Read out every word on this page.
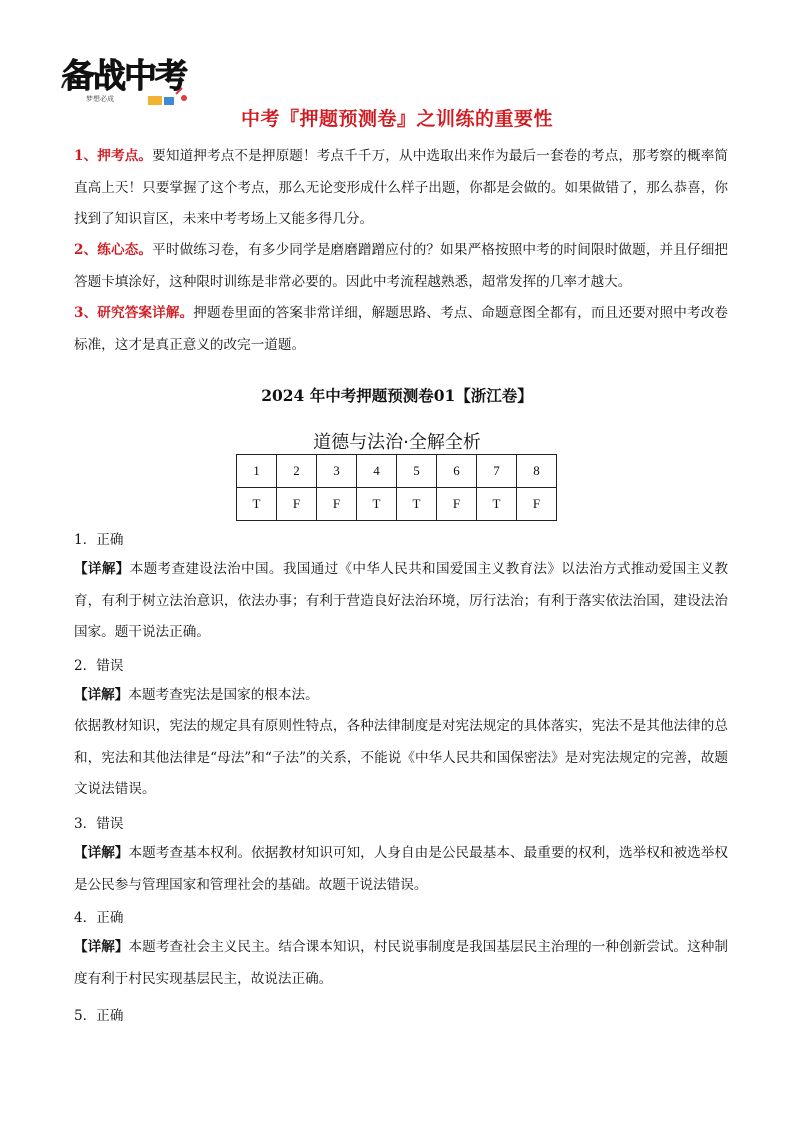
备战中考
梦想必成
中考『押题预测卷』之训练的重要性
1、押考点。要知道押考点不是押原题！考点千千万，从中选取出来作为最后一套卷的考点，那考察的概率简直高上天！只要掌握了这个考点，那么无论变形成什么样子出题，你都是会做的。如果做错了，那么恭喜，你找到了知识盲区，未来中考考场上又能多得几分。
2、练心态。平时做练习卷，有多少同学是磨磨蹭蹭应付的？如果严格按照中考的时间限时做题，并且仔细把答题卡填涂好，这种限时训练是非常必要的。因此中考流程越熟悉，超常发挥的几率才越大。
3、研究答案详解。押题卷里面的答案非常详细，解题思路、考点、命题意图全都有，而且还要对照中考改卷标准，这才是真正意义的改完一道题。
2024 年中考押题预测卷01【浙江卷】
道德与法治·全解全析
1	2	3	4	5	6	7	8
T	F	F	T	T	F	T	F
1．正确
【详解】本题考查建设法治中国。我国通过《中华人民共和国爱国主义教育法》以法治方式推动爱国主义教育，有利于树立法治意识，依法办事；有利于营造良好法治环境，厉行法治；有利于落实依法治国，建设法治国家。题干说法正确。
2．错误
【详解】本题考查宪法是国家的根本法。
依据教材知识，宪法的规定具有原则性特点，各种法律制度是对宪法规定的具体落实，宪法不是其他法律的总和，宪法和其他法律是“母法”和“子法”的关系，不能说《中华人民共和国保密法》是对宪法规定的完善，故题文说法错误。
3．错误
【详解】本题考查基本权利。依据教材知识可知，人身自由是公民最基本、最重要的权利，选举权和被选举权是公民参与管理国家和管理社会的基础。故题干说法错误。
4．正确
【详解】本题考查社会主义民主。结合课本知识，村民说事制度是我国基层民主治理的一种创新尝试。这种制度有利于村民实现基层民主，故说法正确。
5．正确
